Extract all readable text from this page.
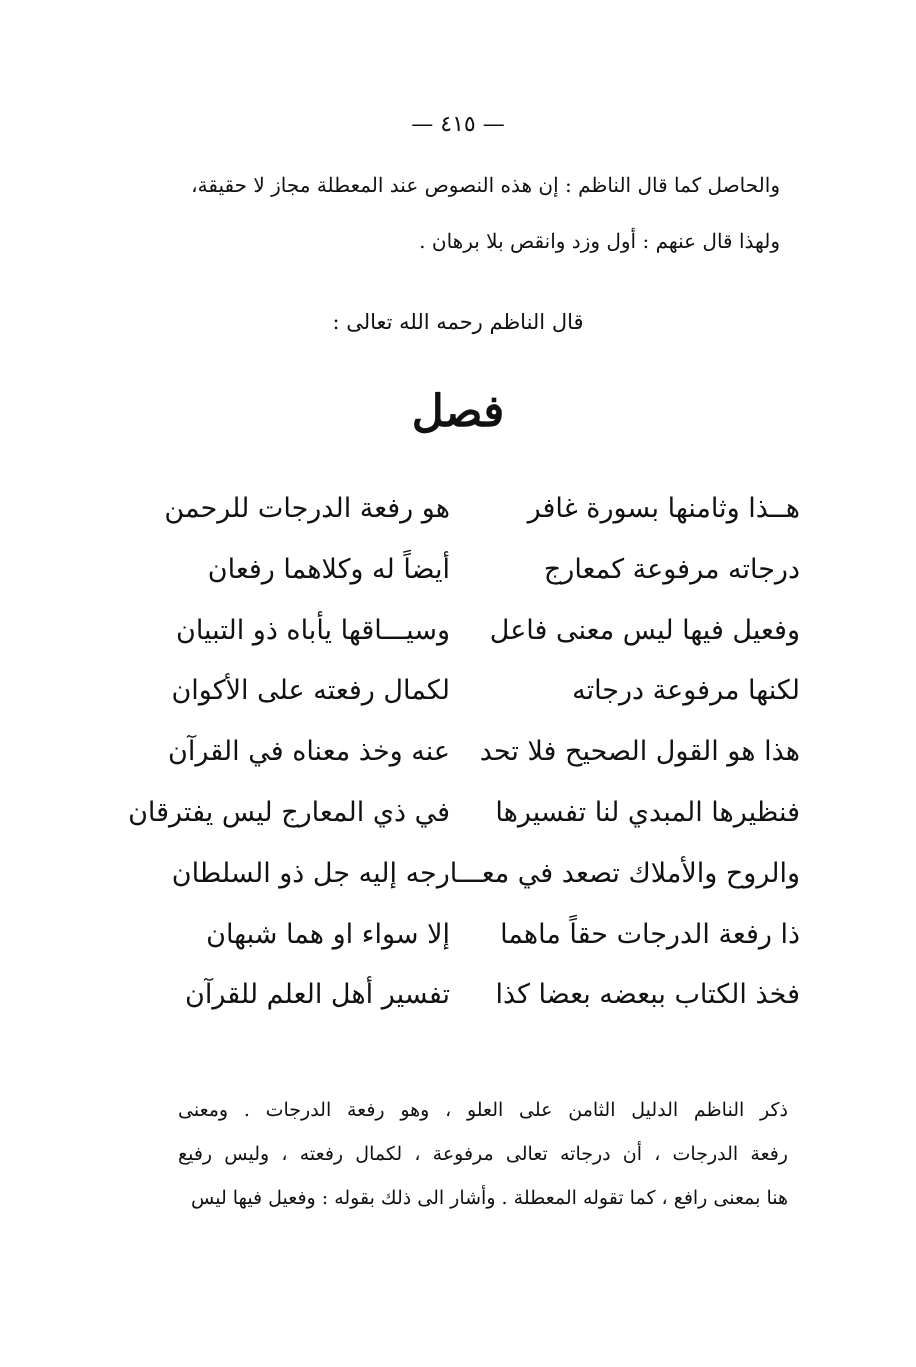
— ٤١٥ —
والحاصل كما قال الناظم : إن هذه النصوص عند المعطلة مجاز لا حقيقة،
ولهذا قال عنهم : أول وزد وانقص بلا برهان .
قال الناظم رحمه الله تعالى :
فصل
هــذا وثامنها بسورة غافر
هو رفعة الدرجات للرحمن
درجاته مرفوعة كمعارج
أيضاً له وكلاهما رفعان
وفعيل فيها ليس معنى فاعل
وسيـــاقها يأباه ذو التبيان
لكنها مرفوعة درجاته
لكمال رفعته على الأكوان
هذا هو القول الصحيح فلا تحد
عنه وخذ معناه في القرآن
فنظيرها المبدي لنا تفسيرها
في ذي المعارج ليس يفترقان
والروح والأملاك تصعد في معـــارجه إليه جل ذو السلطان
ذا رفعة الدرجات حقاً ماهما
إلا سواء او هما شبهان
فخذ الكتاب ببعضه بعضا كذا
تفسير أهل العلم للقرآن
ذكر الناظم الدليل الثامن على العلو ، وهو رفعة الدرجات . ومعنى
رفعة الدرجات ، أن درجاته تعالى مرفوعة ، لكمال رفعته ، وليس رفيع
هنا بمعنى رافع ، كما تقوله المعطلة . وأشار الى ذلك بقوله : وفعيل فيها ليس
